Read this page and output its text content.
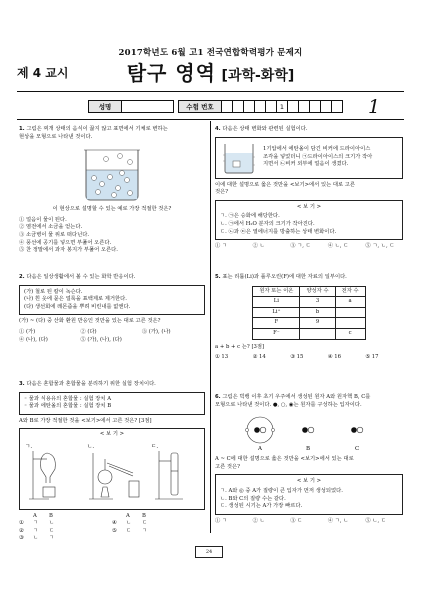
2017학년도 6월 고1 전국연합학력평가 문제지
제 4 교시	탐구 영역 [과학-화학]
성명	수험 번호	1	1
1. 그림은 찌개 상태의 음식이 끓지 않고 표면에서 기체로 변하는
현상을 모형으로 나타낸 것이다.
이 현상으로 설명할 수 있는 예로 가장 적절한 것은?
① 얼음이 물이 된다.
② 염전에서 소금을 얻는다.
③ 소금병이 물 위로 떠다닌다.
④ 풍선에 공기를 넣으면 부풀어 오른다.
⑤ 찬 정말에서 과자 봉지가 부풀어 오른다.
2. 다음은 일상생활에서 볼 수 있는 화학 반응이다.
(가) 철로 된 칼이 녹슨다.
(나) 흰 옷에 묻은 얼룩을 표백제로 제거한다.
(다) 생선회에 레몬즙을 뿌려 비린내를 없앤다.
(가) ~ (다) 중 산화 환원 반응인 것만을 있는 대로 고른 것은?
① (가)	② (다)	③ (가), (나)
④ (나), (다)	⑤ (가), (나), (다)
3. 다음은 혼합물과 혼합물을 분리하기 위한 실험 장치이다.
◦ 물과 식용유의 혼합물 : 실험 장치 A
◦ 물과 에탄올의 혼합물 : 실험 장치 B
A와 B로 가장 적절한 것을 <보기>에서 고른 것은? [3점]
< 보 기 >
ㄱ.	ㄴ.	ㄷ.
A	B
①	ㄱ	ㄴ
②	ㄱ	ㄷ
③	ㄴ	ㄱ
A	B
④	ㄴ	ㄷ
⑤	ㄷ	ㄱ
4. 다음은 상태 변화와 관련된 실험이다.
1기압에서 에탄올이 담긴 비커에 드라이아이스
조각을 넣었더니 ㉠드라이아이스의 크기가 작아
지면서 ㉡비커 외부에 얼음이 생겼다.
이에 대한 설명으로 옳은 것만을 <보기>에서 있는 대로 고른
것은?
< 보 기 >
ㄱ. ㉠은 승화에 해당한다.
ㄴ. ㉠에서 H₂O 분자의 크기가 작아진다.
ㄷ. ㉡과 ㉢은 열에너지를 방출하는 상태 변화이다.
① ㄱ	② ㄴ	③ ㄱ, ㄷ	④ ㄴ, ㄷ	⑤ ㄱ, ㄴ, ㄷ
5. 표는 리튬(Li)과 플루오린(F)에 대한 자료의 일부이다.
원자 또는 이온	양성자 수	전자 수
Li	3	a
Li⁺	b	
F	9	
F⁻		c
a + b + c 는? [3점]
① 13	② 14	③ 15	④ 16	⑤ 17
6. 그림은 빅뱅 이후 초기 우주에서 생성된 원자 A와 원자핵 B, C를
모형으로 나타낸 것이다. ●, ○, ◉는 원자를 구성하는 입자이다.
A	B	C
A ~ C에 대한 설명으로 옳은 것만을 <보기>에서 있는 대로
고른 것은?
< 보 기 >
ㄱ. A와 ◎ 중 A가 질량이 큰 입자가 먼저 생성되었다.
ㄴ. B와 C의 질량 수는 같다.
ㄷ. 생성된 시기는 A가 가장 빠르다.
① ㄱ	② ㄴ	③ ㄷ	④ ㄱ, ㄴ	⑤ ㄴ, ㄷ
24
